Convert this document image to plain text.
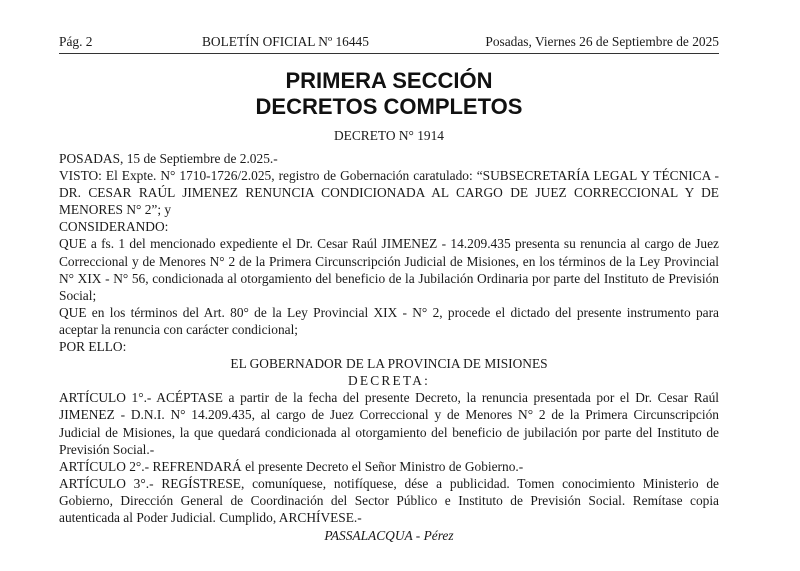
Pág. 2	BOLETÍN OFICIAL Nº 16445	Posadas, Viernes 26 de Septiembre de 2025
PRIMERA SECCIÓN
DECRETOS COMPLETOS
DECRETO N° 1914

POSADAS, 15 de Septiembre de 2.025.-

VISTO: El Expte. N° 1710-1726/2.025, registro de Gobernación caratulado: “SUBSECRETARÍA LEGAL Y TÉCNICA - DR. CESAR RAÚL JIMENEZ RENUNCIA CONDICIONADA AL CARGO DE JUEZ CORRECCIONAL Y DE MENORES N° 2”; y

CONSIDERANDO:

QUE a fs. 1 del mencionado expediente el Dr. Cesar Raúl JIMENEZ - 14.209.435 presenta su renuncia al cargo de Juez Correccional y de Menores N° 2 de la Primera Circunscripción Judicial de Misiones, en los términos de la Ley Provincial N° XIX - N° 56, condicionada al otorgamiento del beneficio de la Jubilación Ordinaria por parte del Instituto de Previsión Social;

QUE en los términos del Art. 80° de la Ley Provincial XIX - N° 2, procede el dictado del presente instrumento para aceptar la renuncia con carácter condicional;

POR ELLO:

EL GOBERNADOR DE LA PROVINCIA DE MISIONES

DECRETA:

ARTÍCULO 1°.- ACÉPTASE a partir de la fecha del presente Decreto, la renuncia presentada por el Dr. Cesar Raúl JIMENEZ - D.N.I. N° 14.209.435, al cargo de Juez Correccional y de Menores N° 2 de la Primera Circunscripción Judicial de Misiones, la que quedará condicionada al otorgamiento del beneficio de jubilación por parte del Instituto de Previsión Social.-

ARTÍCULO 2°.- REFRENDARÁ el presente Decreto el Señor Ministro de Gobierno.-

ARTÍCULO 3°.- REGÍSTRESE, comuníquese, notifíquese, dése a publicidad. Tomen conocimiento Ministerio de Gobierno, Dirección General de Coordinación del Sector Público e Instituto de Previsión Social. Remítase copia autenticada al Poder Judicial. Cumplido, ARCHÍVESE.-

PASSALACQUA - Pérez
